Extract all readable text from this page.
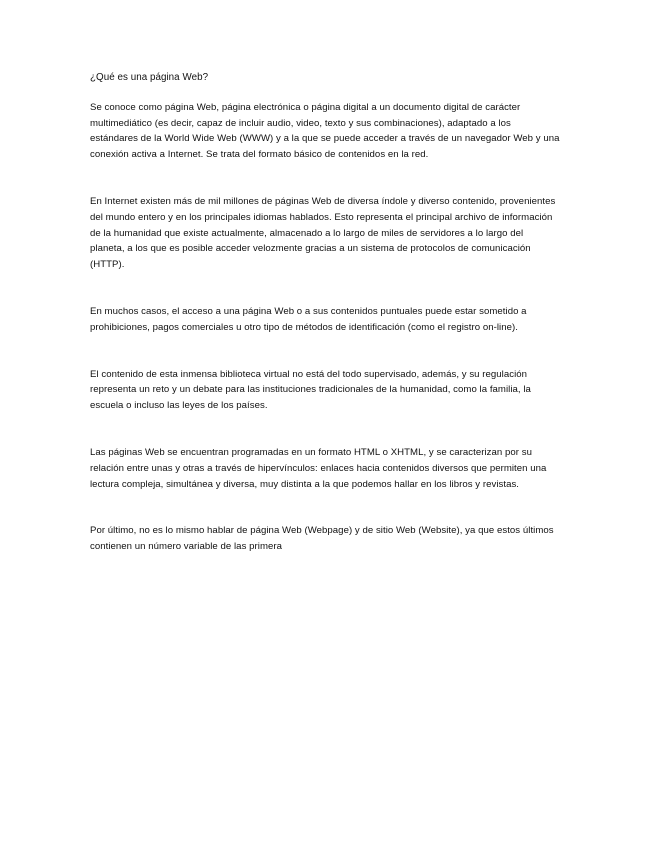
¿Qué es una página Web?

Se conoce como página Web, página electrónica o página digital a un documento digital de carácter multimediático (es decir, capaz de incluir audio, video, texto y sus combinaciones), adaptado a los estándares de la World Wide Web (WWW) y a la que se puede acceder a través de un navegador Web y una conexión activa a Internet. Se trata del formato básico de contenidos en la red.

En Internet existen más de mil millones de páginas Web de diversa índole y diverso contenido, provenientes del mundo entero y en los principales idiomas hablados. Esto representa el principal archivo de información de la humanidad que existe actualmente, almacenado a lo largo de miles de servidores a lo largo del planeta, a los que es posible acceder velozmente gracias a un sistema de protocolos de comunicación (HTTP).

En muchos casos, el acceso a una página Web o a sus contenidos puntuales puede estar sometido a prohibiciones, pagos comerciales u otro tipo de métodos de identificación (como el registro on-line).

El contenido de esta inmensa biblioteca virtual no está del todo supervisado, además, y su regulación representa un reto y un debate para las instituciones tradicionales de la humanidad, como la familia, la escuela o incluso las leyes de los países.

Las páginas Web se encuentran programadas en un formato HTML o XHTML, y se caracterizan por su relación entre unas y otras a través de hipervínculos: enlaces hacia contenidos diversos que permiten una lectura compleja, simultánea y diversa, muy distinta a la que podemos hallar en los libros y revistas.

Por último, no es lo mismo hablar de página Web (Webpage) y de sitio Web (Website), ya que estos últimos contienen un número variable de las primera
